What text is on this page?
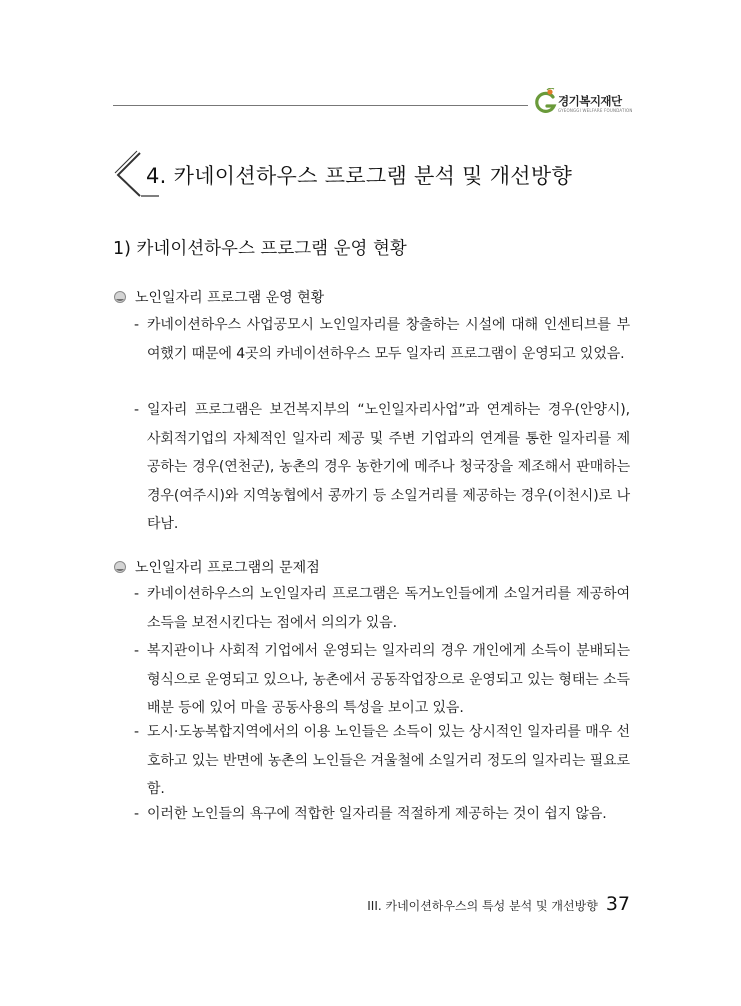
경기복지재단
GYEONGGI WELFARE FOUNDATION
4. 카네이션하우스 프로그램 분석 및 개선방향
1) 카네이션하우스 프로그램 운영 현황
노인일자리 프로그램 운영 현황
- 카네이션하우스 사업공모시 노인일자리를 창출하는 시설에 대해 인센티브를 부여했기 때문에 4곳의 카네이션하우스 모두 일자리 프로그램이 운영되고 있었음.
- 일자리 프로그램은 보건복지부의 “노인일자리사업”과 연계하는 경우(안양시), 사회적기업의 자체적인 일자리 제공 및 주변 기업과의 연계를 통한 일자리를 제공하는 경우(연천군), 농촌의 경우 농한기에 메주나 청국장을 제조해서 판매하는 경우(여주시)와 지역농협에서 콩까기 등 소일거리를 제공하는 경우(이천시)로 나타남.
노인일자리 프로그램의 문제점
- 카네이션하우스의 노인일자리 프로그램은 독거노인들에게 소일거리를 제공하여 소득을 보전시킨다는 점에서 의의가 있음.
- 복지관이나 사회적 기업에서 운영되는 일자리의 경우 개인에게 소득이 분배되는 형식으로 운영되고 있으나, 농촌에서 공동작업장으로 운영되고 있는 형태는 소득배분 등에 있어 마을 공동사용의 특성을 보이고 있음.
- 도시·도농복합지역에서의 이용 노인들은 소득이 있는 상시적인 일자리를 매우 선호하고 있는 반면에 농촌의 노인들은 겨울철에 소일거리 정도의 일자리는 필요로 함.
- 이러한 노인들의 욕구에 적합한 일자리를 적절하게 제공하는 것이 쉽지 않음.
III. 카네이션하우스의 특성 분석 및 개선방향 37
